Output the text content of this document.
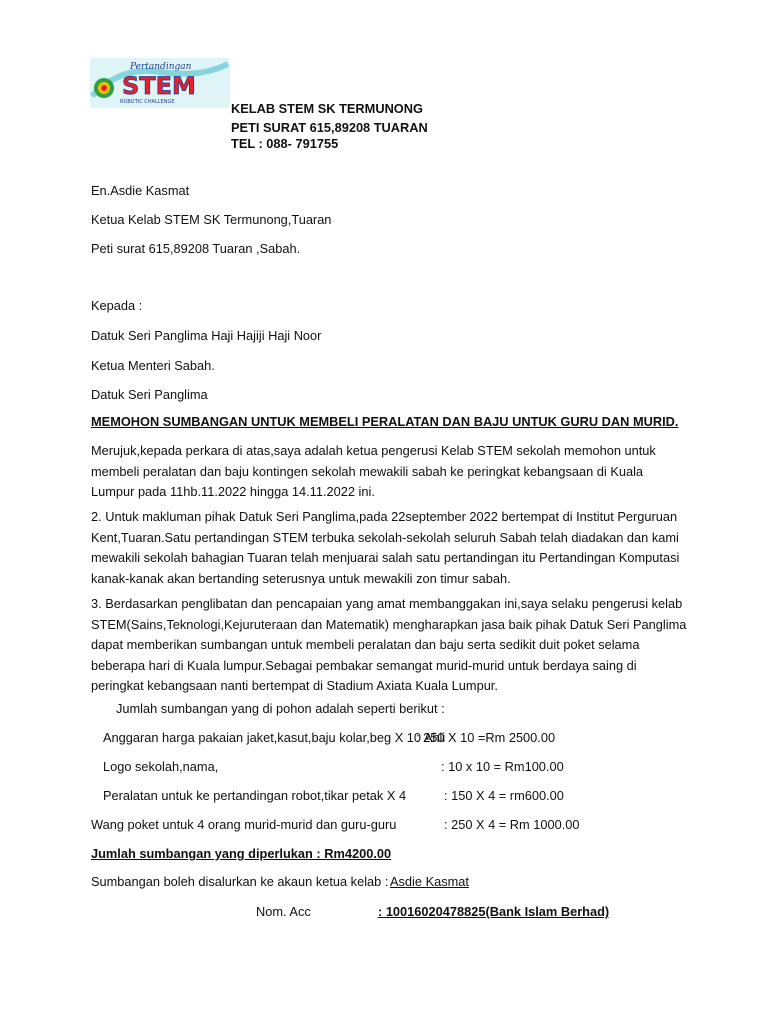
Pertandingan
STEM
ROBOTIC CHALLENGE	KELAB STEM SK TERMUNONG
PETI SURAT 615,89208 TUARAN
TEL : 088- 791755
En.Asdie Kasmat
Ketua Kelab STEM SK Termunong,Tuaran
Peti surat 615,89208 Tuaran ,Sabah.
Kepada :
Datuk Seri Panglima Haji Hajiji Haji Noor
Ketua Menteri Sabah.
Datuk Seri Panglima
MEMOHON SUMBANGAN UNTUK MEMBELI PERALATAN DAN BAJU UNTUK GURU DAN MURID.
Merujuk,kepada perkara di atas,saya adalah ketua pengerusi Kelab STEM sekolah memohon untuk
membeli peralatan dan baju kontingen sekolah mewakili sabah ke peringkat kebangsaan di Kuala
Lumpur pada 11hb.11.2022 hingga 14.11.2022 ini.
2. Untuk makluman pihak Datuk Seri Panglima,pada 22september 2022 bertempat di Institut Perguruan
Kent,Tuaran.Satu pertandingan STEM terbuka sekolah-sekolah seluruh Sabah telah diadakan dan kami
mewakili sekolah bahagian Tuaran telah menjuarai salah satu pertandingan itu Pertandingan Komputasi
kanak-kanak akan bertanding seterusnya untuk mewakili zon timur sabah.
3. Berdasarkan penglibatan dan pencapaian yang amat membanggakan ini,saya selaku pengerusi kelab
STEM(Sains,Teknologi,Kejuruteraan dan Matematik) mengharapkan jasa baik pihak Datuk Seri Panglima
dapat memberikan sumbangan untuk membeli peralatan dan baju serta sedikit duit poket selama
beberapa hari di Kuala lumpur.Sebagai pembakar semangat murid-murid untuk berdaya saing di
peringkat kebangsaan nanti bertempat di Stadium Axiata Kuala Lumpur.
Jumlah sumbangan yang di pohon adalah seperti berikut :
Anggaran harga pakaian jaket,kasut,baju kolar,beg X 10 Ahli
: 250 X 10 =Rm 2500.00
Logo sekolah,nama,	: 10 x 10 = Rm100.00
Peralatan untuk ke pertandingan robot,tikar petak X 4	: 150 X 4 = rm600.00
Wang poket untuk 4 orang murid-murid dan guru-guru	: 250 X 4 = Rm 1000.00
Jumlah sumbangan yang diperlukan : Rm4200.00
Sumbangan boleh disalurkan ke akaun ketua kelab : Asdie Kasmat
Nom. Acc	: 10016020478825(Bank Islam Berhad)
